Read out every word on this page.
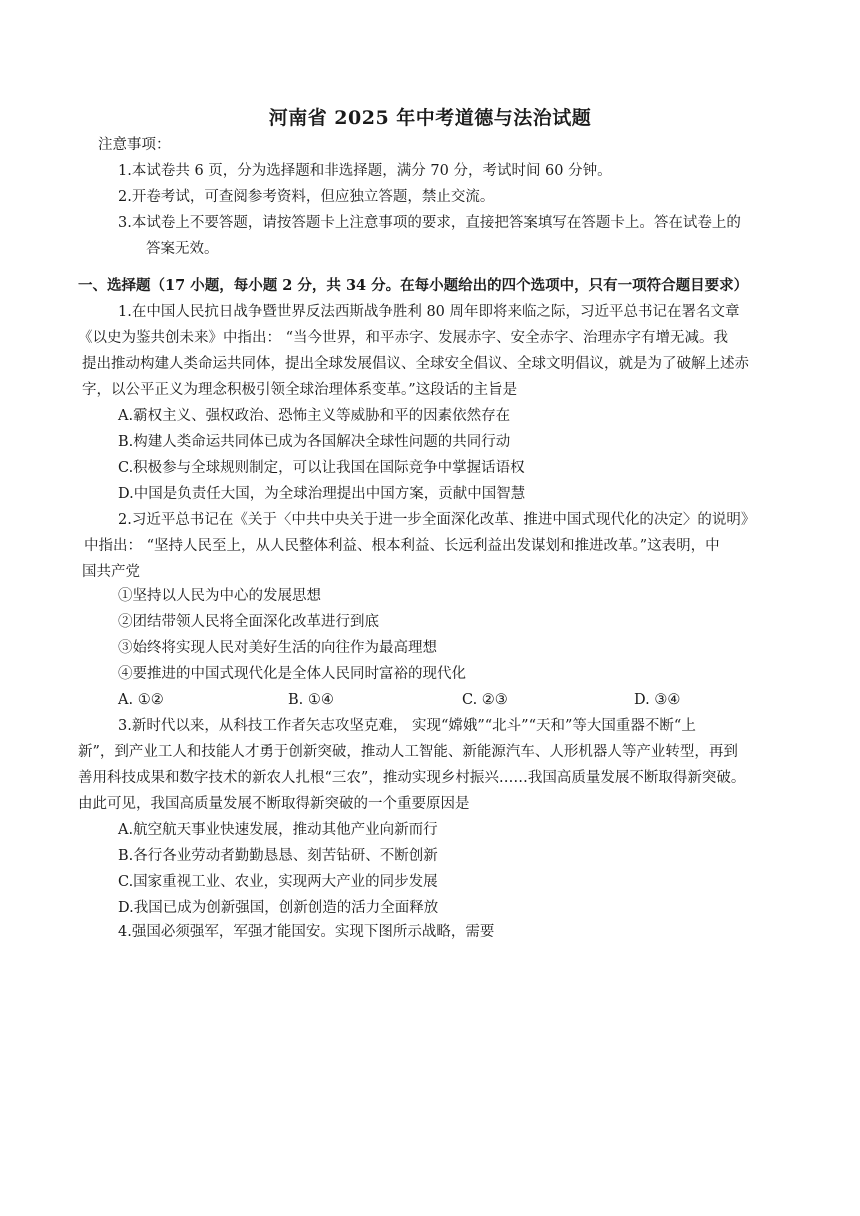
河南省 2025 年中考道德与法治试题
注意事项：
1.本试卷共 6 页，分为选择题和非选择题，满分 70 分，考试时间 60 分钟。
2.开卷考试，可查阅参考资料，但应独立答题，禁止交流。
3.本试卷上不要答题，请按答题卡上注意事项的要求，直接把答案填写在答题卡上。答在试卷上的
答案无效。
一、选择题（17 小题，每小题 2 分，共 34 分。在每小题给出的四个选项中，只有一项符合题目要求）
1.在中国人民抗日战争暨世界反法西斯战争胜利 80 周年即将来临之际，习近平总书记在署名文章
《以史为鉴共创未来》中指出： “当今世界，和平赤字、发展赤字、安全赤字、治理赤字有增无减。我
提出推动构建人类命运共同体，提出全球发展倡议、全球安全倡议、全球文明倡议，就是为了破解上述赤
字，以公平正义为理念积极引领全球治理体系变革。”这段话的主旨是
A.霸权主义、强权政治、恐怖主义等威胁和平的因素依然存在
B.构建人类命运共同体已成为各国解决全球性问题的共同行动
C.积极参与全球规则制定，可以让我国在国际竞争中掌握话语权
D.中国是负责任大国，为全球治理提出中国方案，贡献中国智慧
2.习近平总书记在《关于〈中共中央关于进一步全面深化改革、推进中国式现代化的决定〉的说明》
中指出： “坚持人民至上，从人民整体利益、根本利益、长远利益出发谋划和推进改革。”这表明，中
国共产党
①坚持以人民为中心的发展思想
②团结带领人民将全面深化改革进行到底
③始终将实现人民对美好生活的向往作为最高理想
④要推进的中国式现代化是全体人民同时富裕的现代化
A. ①②	B. ①④	C. ②③	D. ③④
3.新时代以来，从科技工作者矢志攻坚克难， 实现“嫦娥”“北斗”“天和”等大国重器不断“上
新”，到产业工人和技能人才勇于创新突破，推动人工智能、新能源汽车、人形机器人等产业转型，再到
善用科技成果和数字技术的新农人扎根“三农”，推动实现乡村振兴……我国高质量发展不断取得新突破。
由此可见，我国高质量发展不断取得新突破的一个重要原因是
A.航空航天事业快速发展，推动其他产业向新而行
B.各行各业劳动者勤勤恳恳、刻苦钻研、不断创新
C.国家重视工业、农业，实现两大产业的同步发展
D.我国已成为创新强国，创新创造的活力全面释放
4.强国必须强军，军强才能国安。实现下图所示战略，需要
